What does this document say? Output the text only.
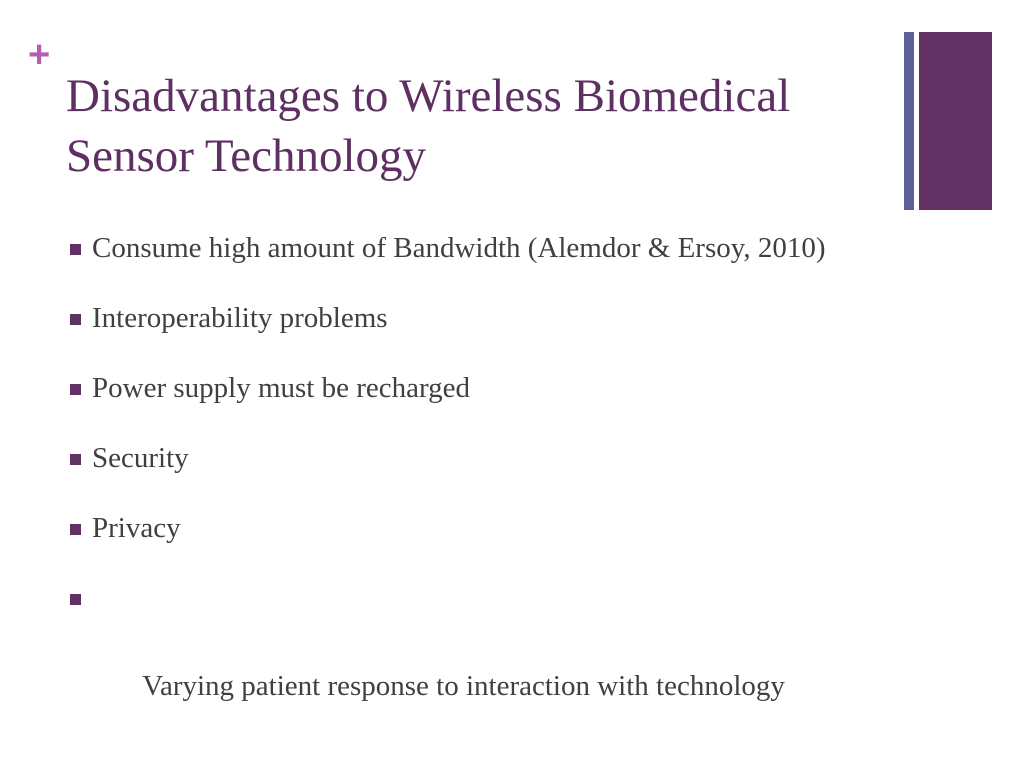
+
Disadvantages to Wireless Biomedical Sensor Technology
Consume high amount of Bandwidth (Alemdor & Ersoy, 2010)
Interoperability problems
Power supply must be recharged
Security
Privacy

Varying patient response to interaction with technology
